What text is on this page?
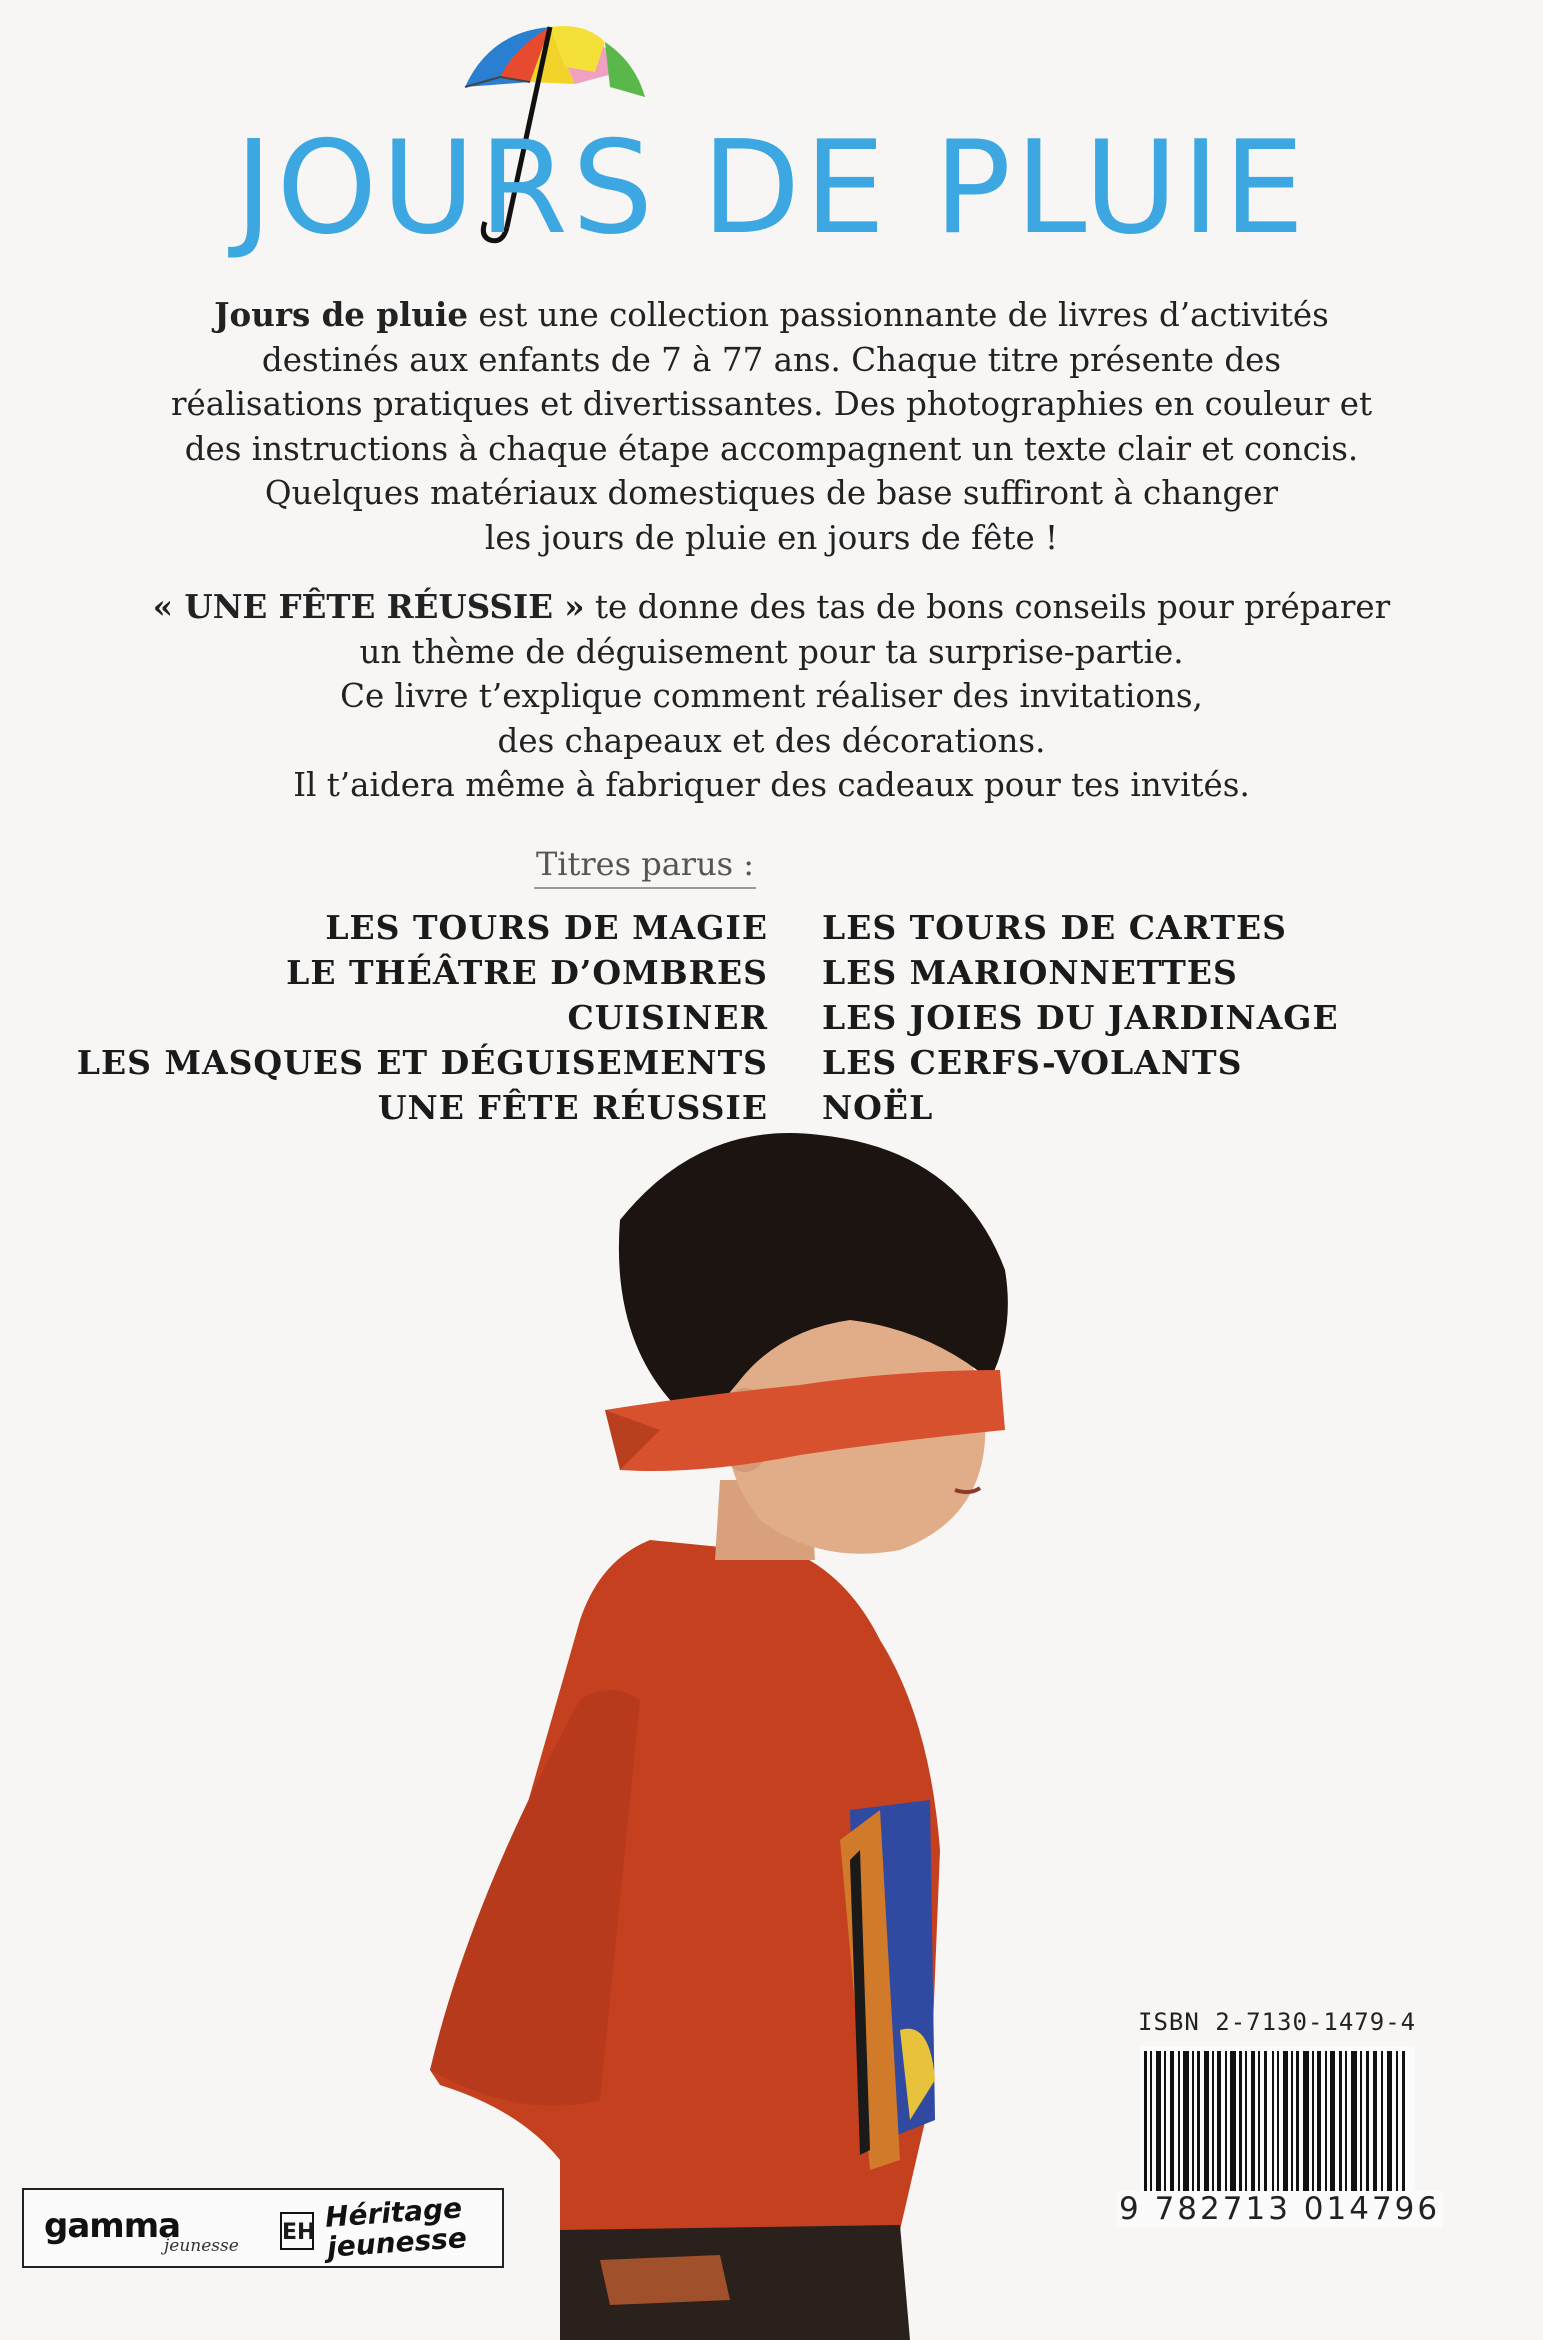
JOURS DE PLUIE
Jours de pluie est une collection passionnante de livres d’activités
destinés aux enfants de 7 à 77 ans. Chaque titre présente des
réalisations pratiques et divertissantes. Des photographies en couleur et
des instructions à chaque étape accompagnent un texte clair et concis.
Quelques matériaux domestiques de base suffiront à changer
les jours de pluie en jours de fête !
« UNE FÊTE RÉUSSIE » te donne des tas de bons conseils pour préparer
un thème de déguisement pour ta surprise-partie.
Ce livre t’explique comment réaliser des invitations,
des chapeaux et des décorations.
Il t’aidera même à fabriquer des cadeaux pour tes invités.
Titres parus :
LES TOURS DE MAGIE
LE THÉÂTRE D’OMBRES
CUISINER
LES MASQUES ET DÉGUISEMENTS
UNE FÊTE RÉUSSIE
LES TOURS DE CARTES
LES MARIONNETTES
LES JOIES DU JARDINAGE
LES CERFS-VOLANTS
NOËL
ISBN 2-7130-1479-4
9 782713 014796
gamma
jeunesse
EH Héritage
jeunesse
